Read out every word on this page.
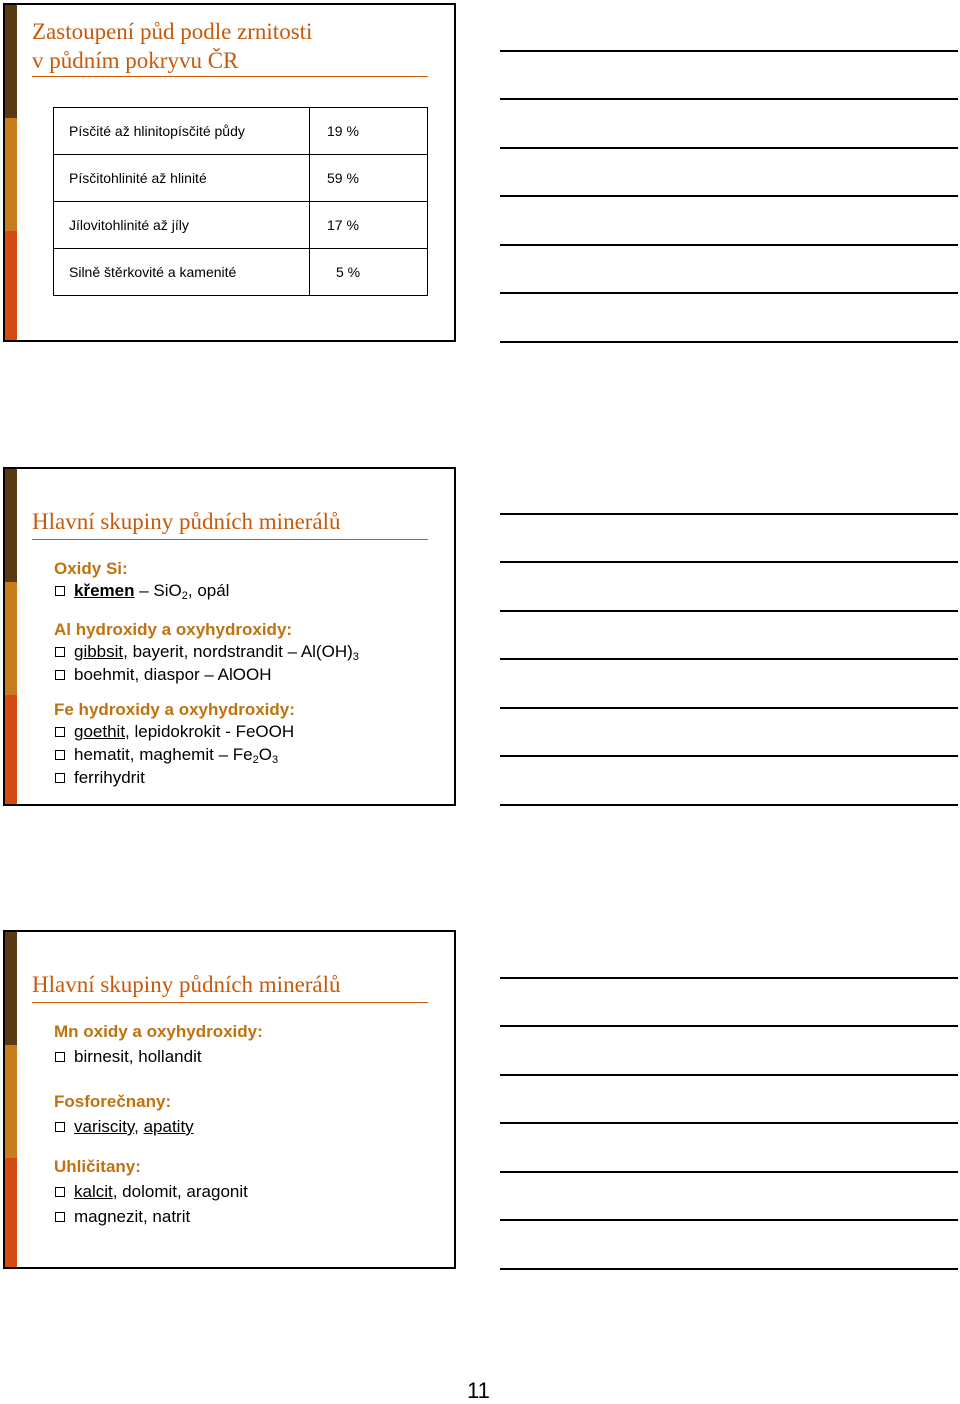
Zastoupení půd podle zrnitosti
v půdním pokryvu ČR
Písčité až hlinitopísčité půdy	19 %
Písčitohlinité až hlinité	59 %
Jílovitohlinité až jíly	17 %
Silně štěrkovité a kamenité	5 %
Hlavní skupiny půdních minerálů

Oxidy Si:

křemen – SiO$_2$, opál

Al hydroxidy a oxyhydroxidy:

gibbsit, bayerit, nordstrandit – $Al(OH)_3$

boehmit, diaspor – AlOOH

Fe hydroxidy a oxyhydroxidy:

goethit, lepidokrokit - FeOOH

hematit, maghemit – $Fe_2O_3$

ferrihydrit

Hlavní skupiny půdních minerálů

Mn oxidy a oxyhydroxidy:

birnesit, hollandit

Fosforečnany:

variscity, apatity

Uhličitany:

kalcit, dolomit, aragonit

magnezit, natrit

11
